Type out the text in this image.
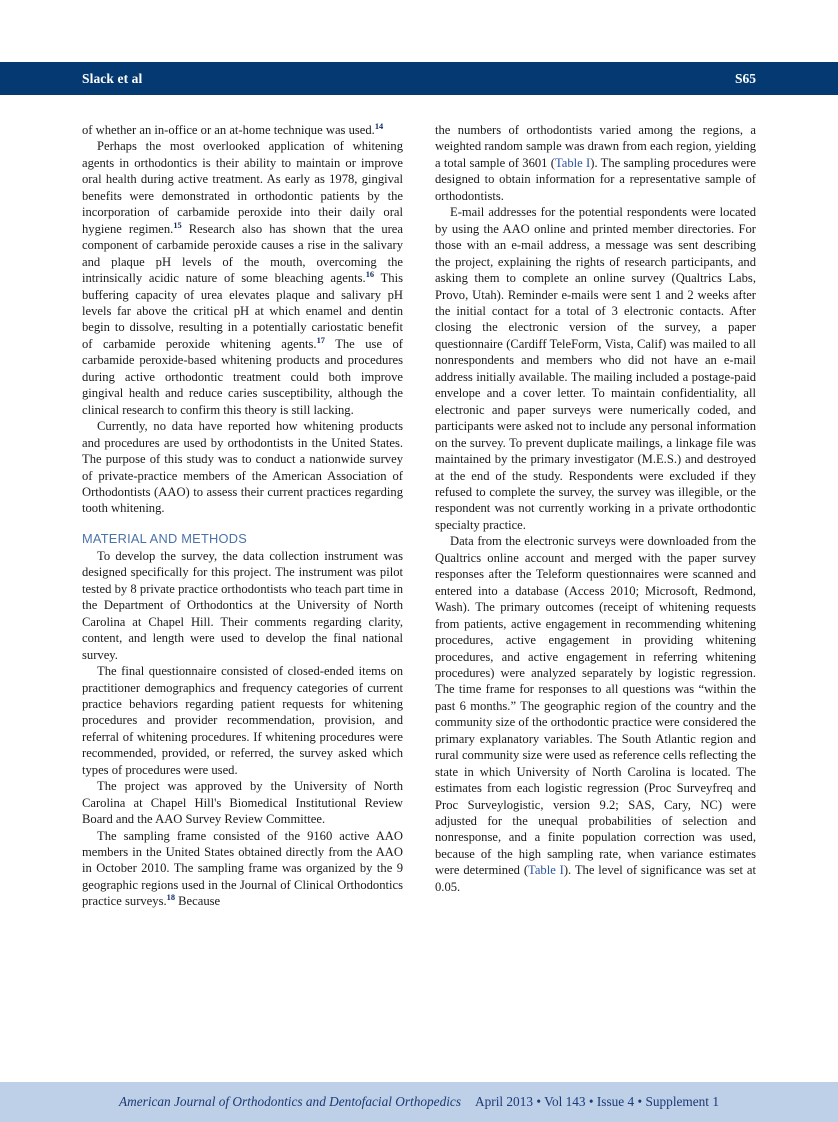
Slack et al	S65

of whether an in-office or an at-home technique was used.$^{14}$

Perhaps the most overlooked application of whitening agents in orthodontics is their ability to maintain or improve oral health during active treatment. As early as 1978, gingival benefits were demonstrated in orthodontic patients by the incorporation of carbamide peroxide into their daily oral hygiene regimen.$^{15}$ Research also has shown that the urea component of carbamide peroxide causes a rise in the salivary and plaque pH levels of the mouth, overcoming the intrinsically acidic nature of some bleaching agents.$^{16}$ This buffering capacity of urea elevates plaque and salivary pH levels far above the critical pH at which enamel and dentin begin to dissolve, resulting in a potentially cariostatic benefit of carbamide peroxide whitening agents.$^{17}$ The use of carbamide peroxide-based whitening products and procedures during active orthodontic treatment could both improve gingival health and reduce caries susceptibility, although the clinical research to confirm this theory is still lacking.

Currently, no data have reported how whitening products and procedures are used by orthodontists in the United States. The purpose of this study was to conduct a nationwide survey of private-practice members of the American Association of Orthodontists (AAO) to assess their current practices regarding tooth whitening.

MATERIAL AND METHODS

To develop the survey, the data collection instrument was designed specifically for this project. The instrument was pilot tested by 8 private practice orthodontists who teach part time in the Department of Orthodontics at the University of North Carolina at Chapel Hill. Their comments regarding clarity, content, and length were used to develop the final national survey.

The final questionnaire consisted of closed-ended items on practitioner demographics and frequency categories of current practice behaviors regarding patient requests for whitening procedures and provider recommendation, provision, and referral of whitening procedures. If whitening procedures were recommended, provided, or referred, the survey asked which types of procedures were used.

The project was approved by the University of North Carolina at Chapel Hill's Biomedical Institutional Review Board and the AAO Survey Review Committee.

The sampling frame consisted of the 9160 active AAO members in the United States obtained directly from the AAO in October 2010. The sampling frame was organized by the 9 geographic regions used in the Journal of Clinical Orthodontics practice surveys.$^{18}$ Because

the numbers of orthodontists varied among the regions, a weighted random sample was drawn from each region, yielding a total sample of 3601 (Table I). The sampling procedures were designed to obtain information for a representative sample of orthodontists.

E-mail addresses for the potential respondents were located by using the AAO online and printed member directories. For those with an e-mail address, a message was sent describing the project, explaining the rights of research participants, and asking them to complete an online survey (Qualtrics Labs, Provo, Utah). Reminder e-mails were sent 1 and 2 weeks after the initial contact for a total of 3 electronic contacts. After closing the electronic version of the survey, a paper questionnaire (Cardiff TeleForm, Vista, Calif) was mailed to all nonrespondents and members who did not have an e-mail address initially available. The mailing included a postage-paid envelope and a cover letter. To maintain confidentiality, all electronic and paper surveys were numerically coded, and participants were asked not to include any personal information on the survey. To prevent duplicate mailings, a linkage file was maintained by the primary investigator (M.E.S.) and destroyed at the end of the study. Respondents were excluded if they refused to complete the survey, the survey was illegible, or the respondent was not currently working in a private orthodontic specialty practice.

Data from the electronic surveys were downloaded from the Qualtrics online account and merged with the paper survey responses after the Teleform questionnaires were scanned and entered into a database (Access 2010; Microsoft, Redmond, Wash). The primary outcomes (receipt of whitening requests from patients, active engagement in recommending whitening procedures, active engagement in providing whitening procedures, and active engagement in referring whitening procedures) were analyzed separately by logistic regression. The time frame for responses to all questions was “within the past 6 months.” The geographic region of the country and the community size of the orthodontic practice were considered the primary explanatory variables. The South Atlantic region and rural community size were used as reference cells reflecting the state in which University of North Carolina is located. The estimates from each logistic regression (Proc Surveyfreq and Proc Surveylogistic, version 9.2; SAS, Cary, NC) were adjusted for the unequal probabilities of selection and nonresponse, and a finite population correction was used, because of the high sampling rate, when variance estimates were determined (Table I). The level of significance was set at 0.05.

American Journal of Orthodontics and Dentofacial Orthopedics April 2013 • Vol 143 • Issue 4 • Supplement 1
